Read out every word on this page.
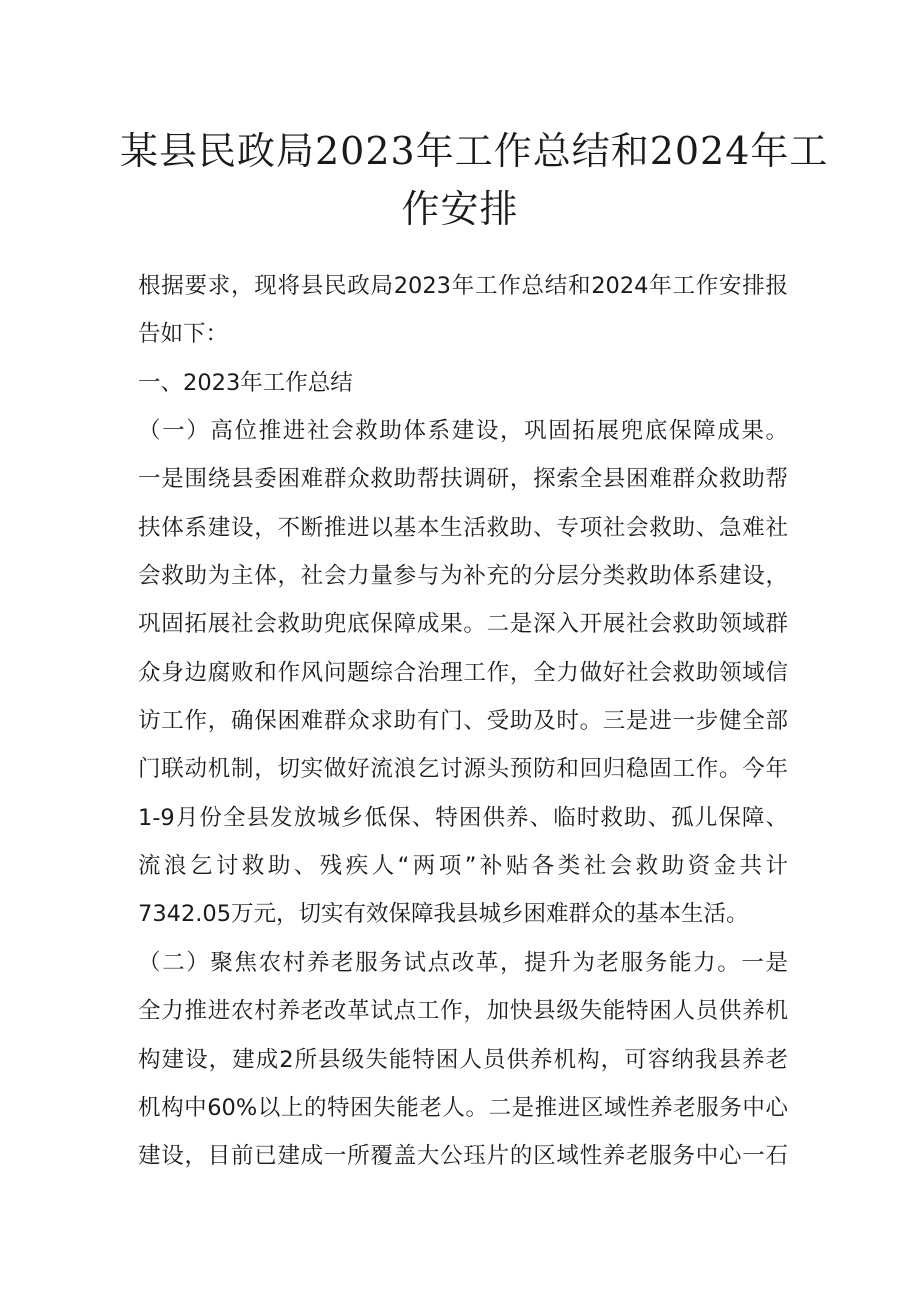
某县民政局2023年工作总结和2024年工
作安排
根据要求，现将县民政局2023年工作总结和2024年工作安排报
告如下：
一、2023年工作总结
（一）高位推进社会救助体系建设，巩固拓展兜底保障成果。
一是围绕县委困难群众救助帮扶调研，探索全县困难群众救助帮
扶体系建设，不断推进以基本生活救助、专项社会救助、急难社
会救助为主体，社会力量参与为补充的分层分类救助体系建设，
巩固拓展社会救助兜底保障成果。二是深入开展社会救助领域群
众身边腐败和作风问题综合治理工作，全力做好社会救助领域信
访工作，确保困难群众求助有门、受助及时。三是进一步健全部
门联动机制，切实做好流浪乞讨源头预防和回归稳固工作。今年
1-9月份全县发放城乡低保、特困供养、临时救助、孤儿保障、
流浪乞讨救助、残疾人“两项”补贴各类社会救助资金共计
7342.05万元，切实有效保障我县城乡困难群众的基本生活。
（二）聚焦农村养老服务试点改革，提升为老服务能力。一是
全力推进农村养老改革试点工作，加快县级失能特困人员供养机
构建设，建成2所县级失能特困人员供养机构，可容纳我县养老
机构中60%以上的特困失能老人。二是推进区域性养老服务中心
建设，目前已建成一所覆盖大公珏片的区域性养老服务中心一石
